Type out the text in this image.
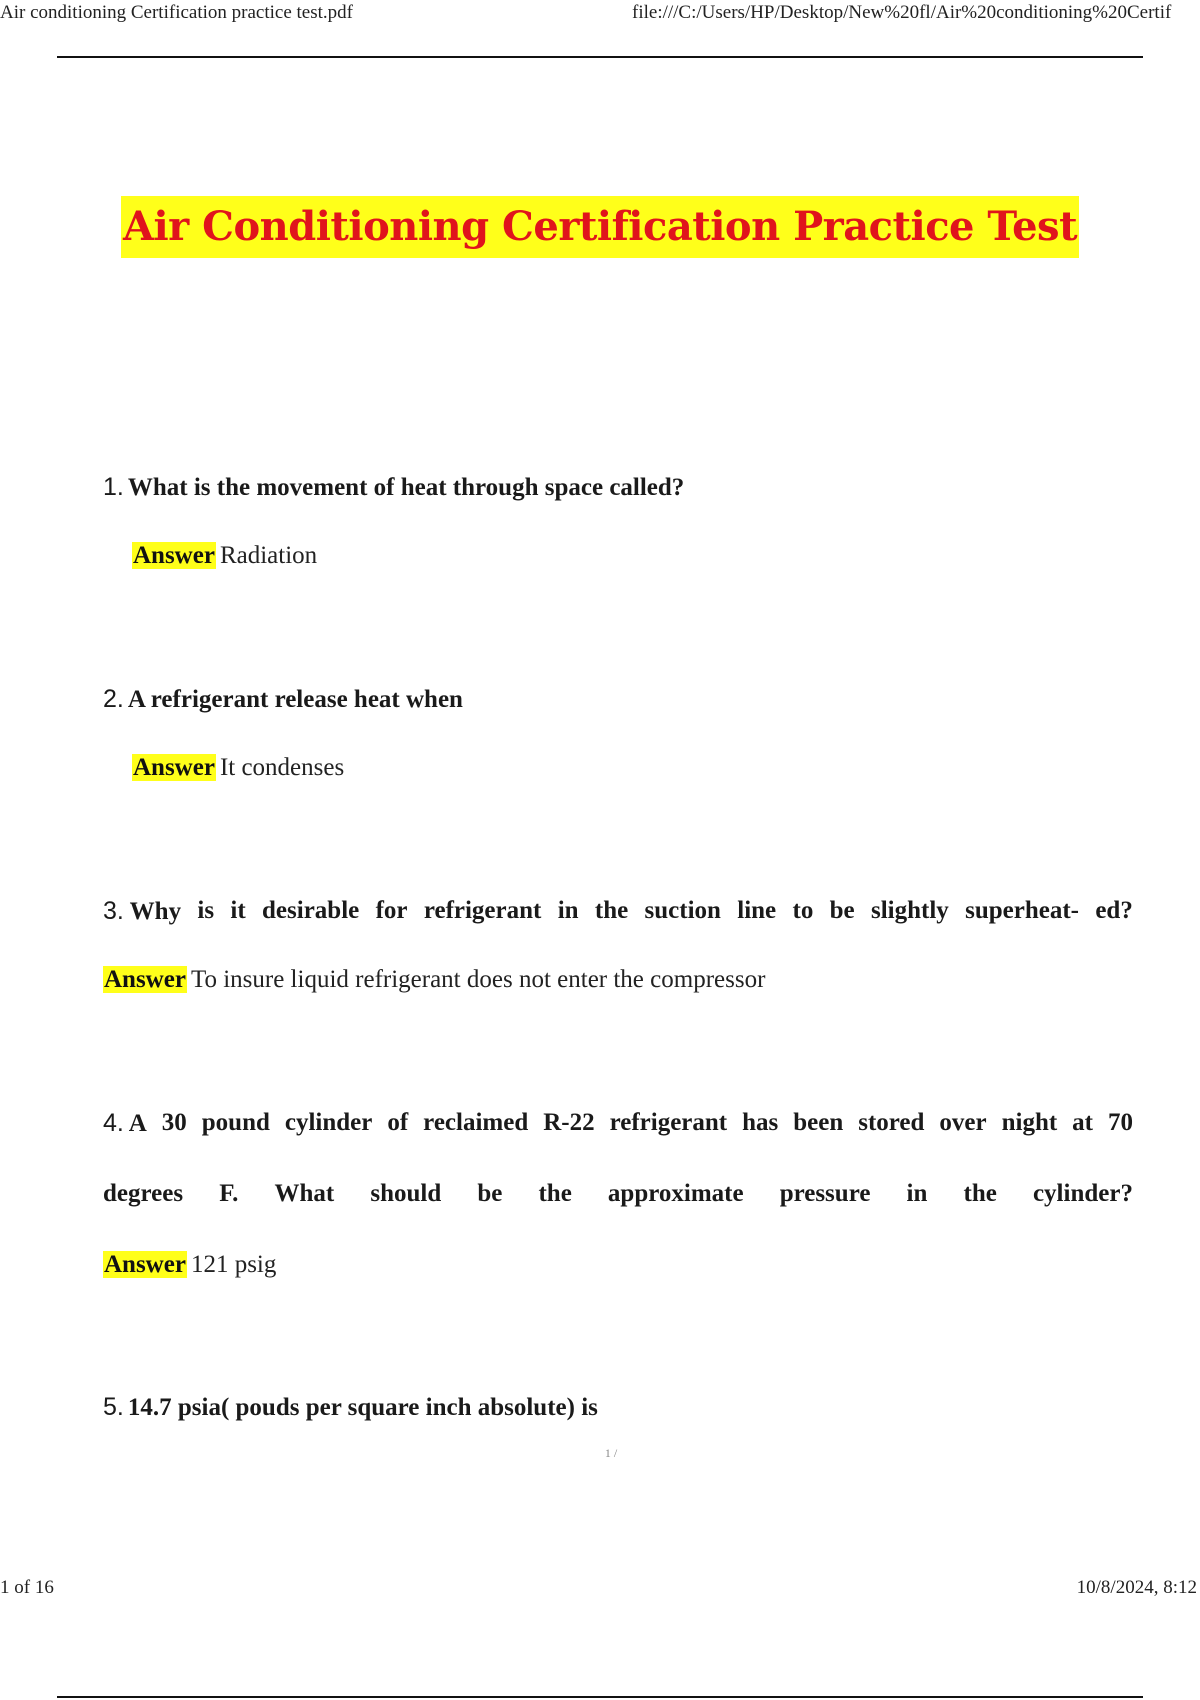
Air conditioning Certification practice test.pdf	file:///C:/Users/HP/Desktop/New%20fl/Air%20conditioning%20Certif
Air Conditioning Certification Practice Test
1. What is the movement of heat through space called?
Answer Radiation
2. A refrigerant release heat when
Answer It condenses
3. Why is it desirable for refrigerant in the suction line to be slightly superheat- ed?
Answer To insure liquid refrigerant does not enter the compressor
4. A 30 pound cylinder of reclaimed R-22 refrigerant has been stored over night at 70
degrees F. What should be the approximate pressure in the cylinder?
Answer 121 psig
5. 14.7 psia( pouds per square inch absolute) is
1 /
1 of 16	10/8/2024, 8:12
